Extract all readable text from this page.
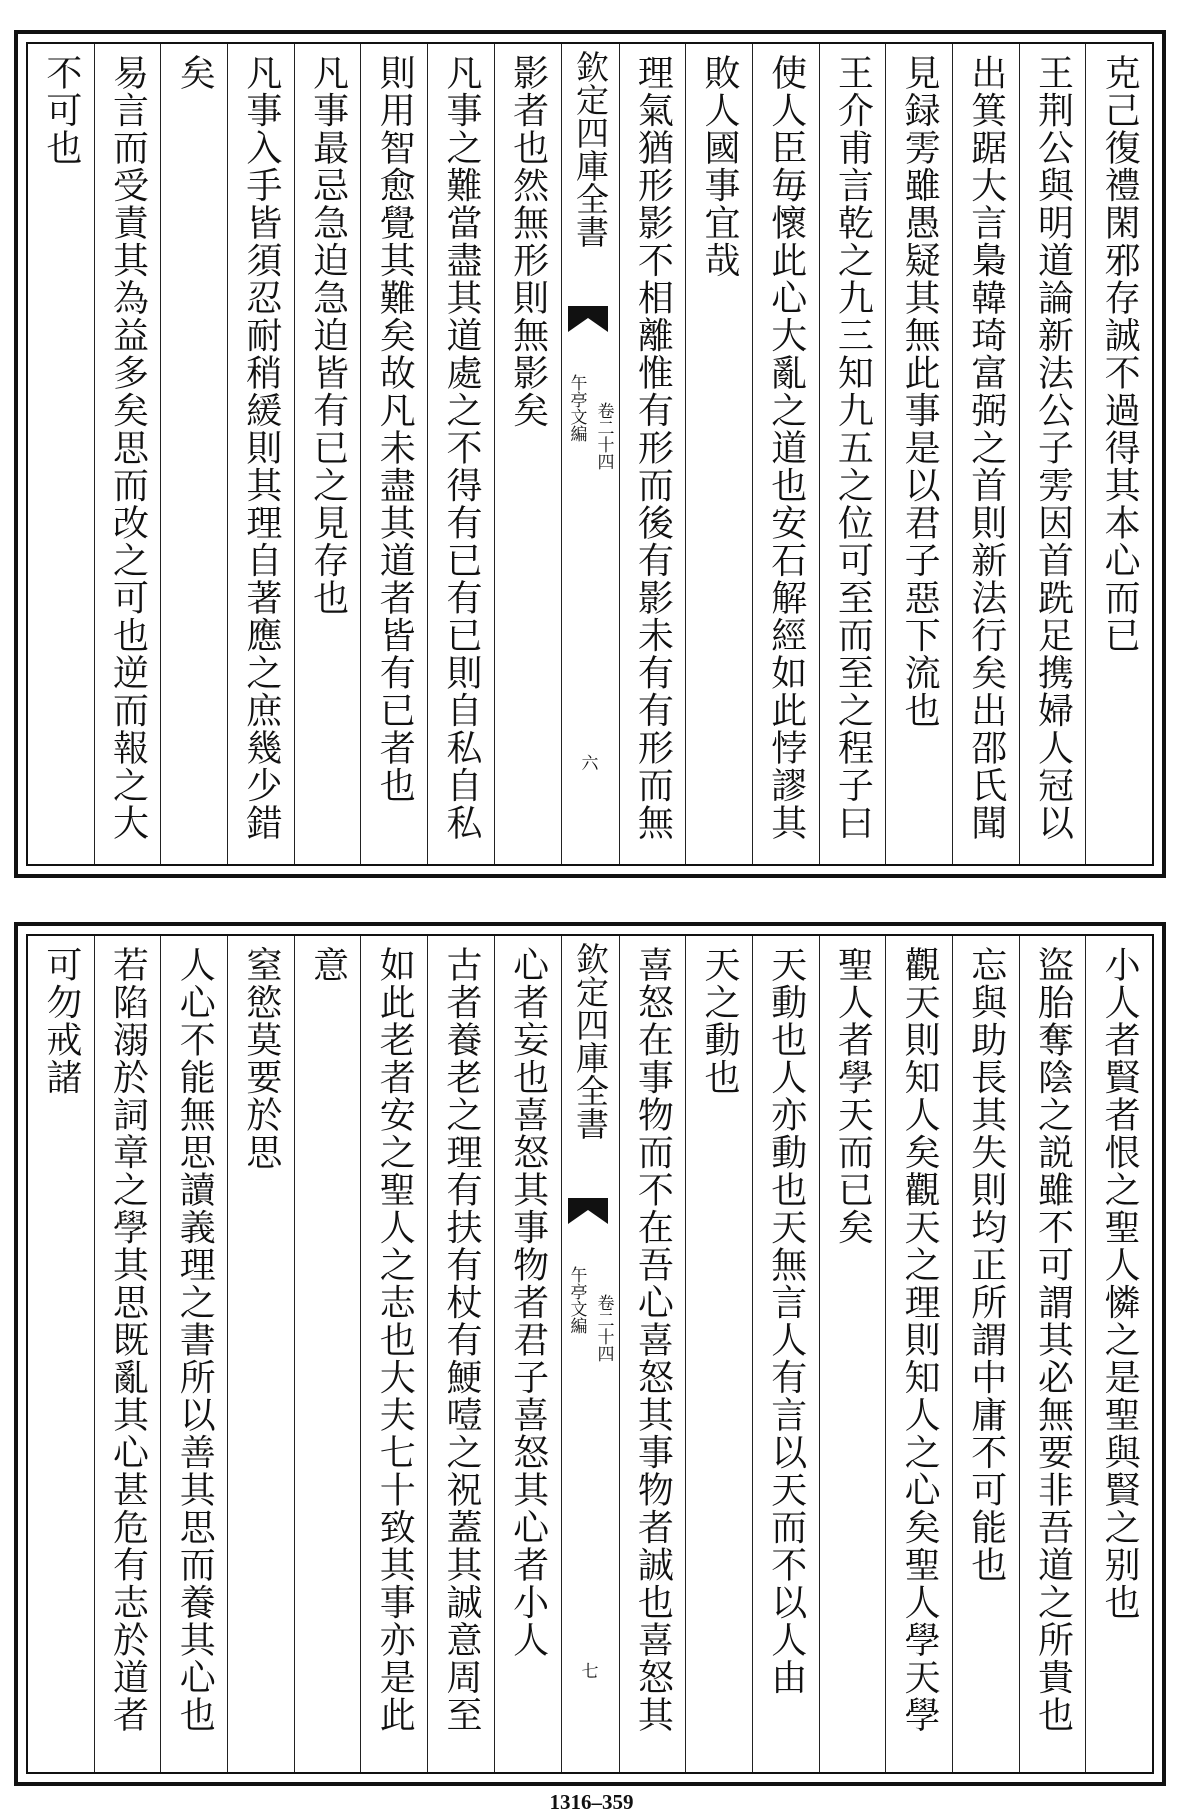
克己復禮閑邪存誠不過得其本心而已
王荆公與明道論新法公子雱因首跣足携婦人冠以
出箕踞大言梟韓琦富弼之首則新法行矣出邵氏聞
見録雱雖愚疑其無此事是以君子惡下流也
王介甫言乾之九三知九五之位可至而至之程子曰
使人臣毎懷此心大亂之道也安石解經如此悖謬其
敗人國事宜哉
理氣猶形影不相離惟有形而後有影未有有形而無
欽定四庫全書
午亭文編 卷二十四
六
影者也然無形則無影矣
凡事之難當盡其道處之不得有已有已則自私自私
則用智愈覺其難矣故凡未盡其道者皆有已者也
凡事最忌急迫急迫皆有已之見存也
凡事入手皆須忍耐稍緩則其理自著應之庶幾少錯
矣
易言而受責其為益多矣思而改之可也逆而報之大
不可也
小人者賢者恨之聖人憐之是聖與賢之别也
盜胎奪陰之説雖不可謂其必無要非吾道之所貴也
忘與助長其失則均正所謂中庸不可能也
觀天則知人矣觀天之理則知人之心矣聖人學天學
聖人者學天而已矣
天動也人亦動也天無言人有言以天而不以人由
天之動也
喜怒在事物而不在吾心喜怒其事物者誠也喜怒其
欽定四庫全書
午亭文編 卷二十四
七
心者妄也喜怒其事物者君子喜怒其心者小人
古者養老之理有扶有杖有鯁噎之祝蓋其誠意周至
如此老者安之聖人之志也大夫七十致其事亦是此
意
窒慾莫要於思
人心不能無思讀義理之書所以善其思而養其心也
若陷溺於詞章之學其思既亂其心甚危有志於道者
可勿戒諸
1316–359
